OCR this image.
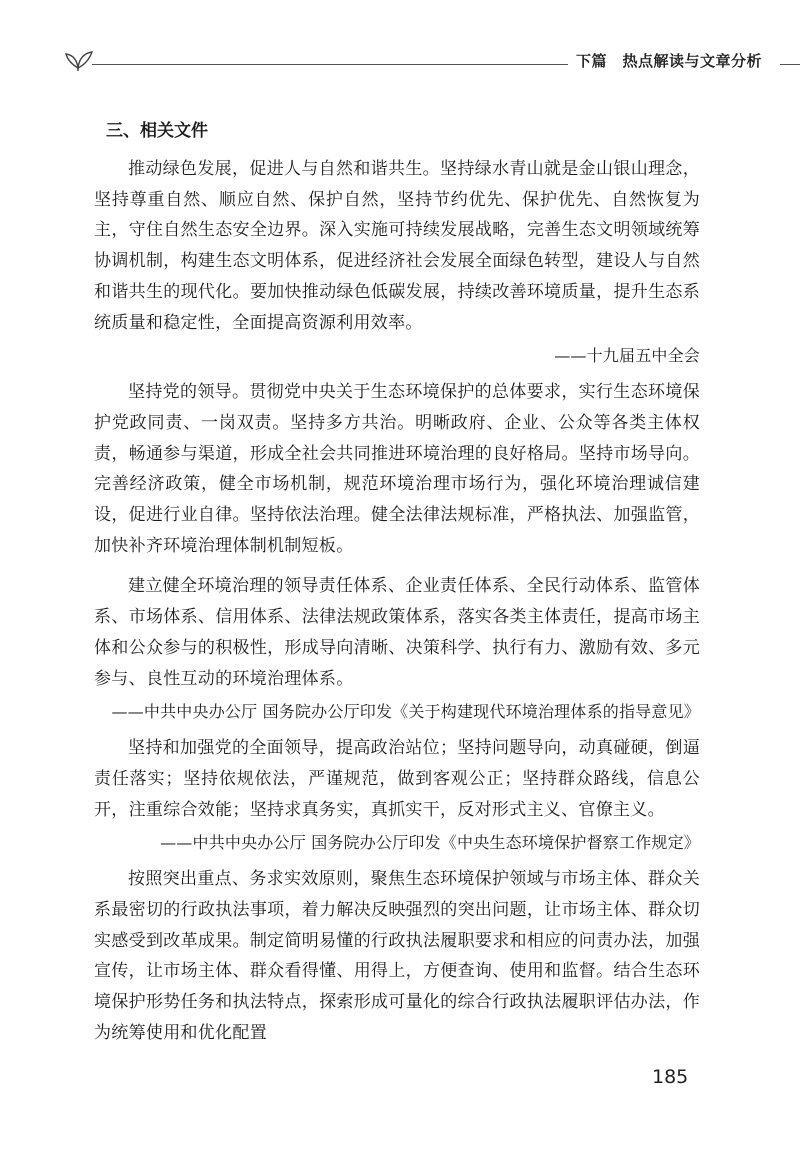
下篇　热点解读与文章分析
三、相关文件

推动绿色发展，促进人与自然和谐共生。坚持绿水青山就是金山银山理念，坚持尊重自然、顺应自然、保护自然，坚持节约优先、保护优先、自然恢复为主，守住自然生态安全边界。深入实施可持续发展战略，完善生态文明领域统筹协调机制，构建生态文明体系，促进经济社会发展全面绿色转型，建设人与自然和谐共生的现代化。要加快推动绿色低碳发展，持续改善环境质量，提升生态系统质量和稳定性，全面提高资源利用效率。

——十九届五中全会

坚持党的领导。贯彻党中央关于生态环境保护的总体要求，实行生态环境保护党政同责、一岗双责。坚持多方共治。明晰政府、企业、公众等各类主体权责，畅通参与渠道，形成全社会共同推进环境治理的良好格局。坚持市场导向。完善经济政策，健全市场机制，规范环境治理市场行为，强化环境治理诚信建设，促进行业自律。坚持依法治理。健全法律法规标准，严格执法、加强监管，加快补齐环境治理体制机制短板。

建立健全环境治理的领导责任体系、企业责任体系、全民行动体系、监管体系、市场体系、信用体系、法律法规政策体系，落实各类主体责任，提高市场主体和公众参与的积极性，形成导向清晰、决策科学、执行有力、激励有效、多元参与、良性互动的环境治理体系。

——中共中央办公厅 国务院办公厅印发《关于构建现代环境治理体系的指导意见》

坚持和加强党的全面领导，提高政治站位；坚持问题导向，动真碰硬，倒逼责任落实；坚持依规依法，严谨规范，做到客观公正；坚持群众路线，信息公开，注重综合效能；坚持求真务实，真抓实干，反对形式主义、官僚主义。

——中共中央办公厅 国务院办公厅印发《中央生态环境保护督察工作规定》

按照突出重点、务求实效原则，聚焦生态环境保护领域与市场主体、群众关系最密切的行政执法事项，着力解决反映强烈的突出问题，让市场主体、群众切实感受到改革成果。制定简明易懂的行政执法履职要求和相应的问责办法，加强宣传，让市场主体、群众看得懂、用得上，方便查询、使用和监督。结合生态环境保护形势任务和执法特点，探索形成可量化的综合行政执法履职评估办法，作为统筹使用和优化配置

185
